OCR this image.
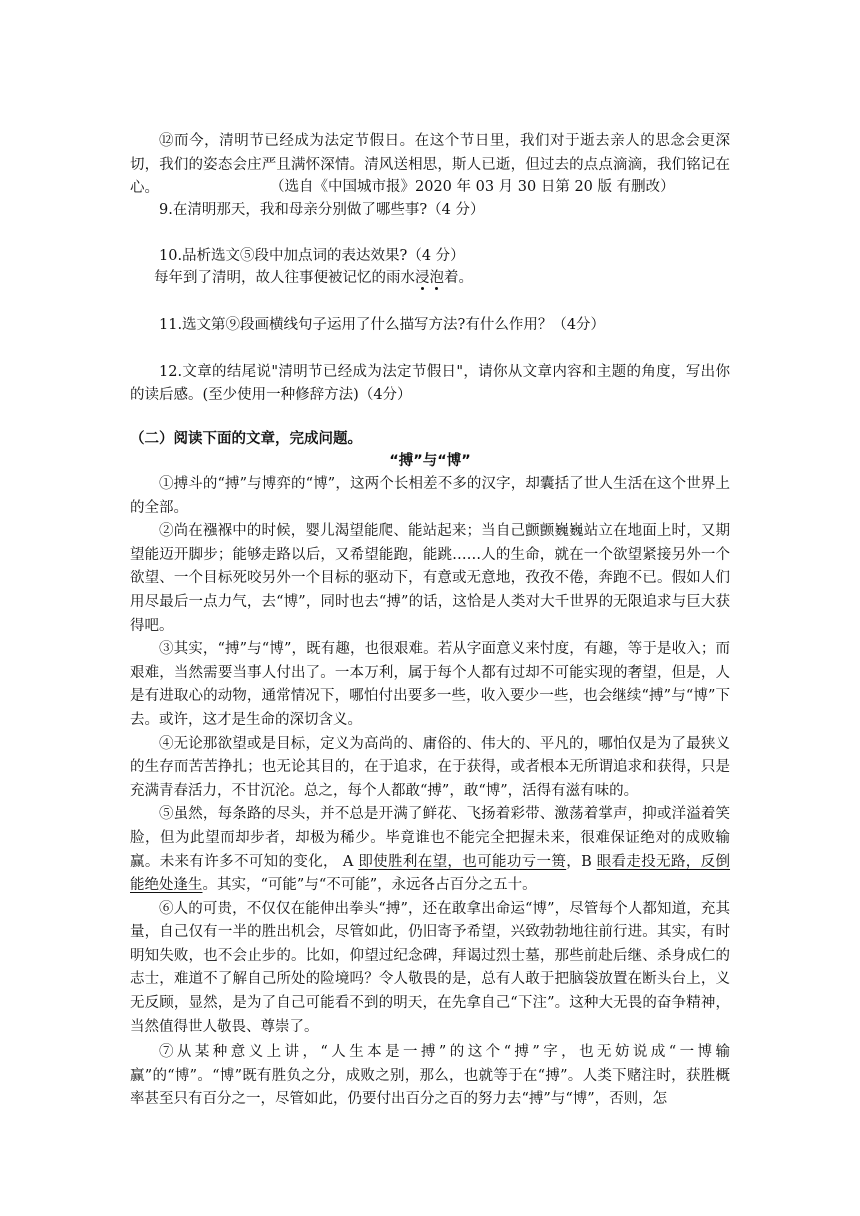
⑫而今，清明节已经成为法定节假日。在这个节日里，我们对于逝去亲人的思念会更深切，我们的姿态会庄严且满怀深情。清风送相思，斯人已逝，但过去的点点滴滴，我们铭记在心。	（选自《中国城市报》2020 年 03 月 30 日第 20 版 有删改）

9.在清明那天，我和母亲分别做了哪些事?（4 分）

10.品析选文⑤段中加点词的表达效果?（4 分）

每年到了清明，故人往事便被记忆的雨水浸泡着。

11.选文第⑨段画横线句子运用了什么描写方法?有什么作用？（4分）

12.文章的结尾说"清明节已经成为法定节假日"，请你从文章内容和主题的角度，写出你的读后感。(至少使用一种修辞方法)（4分）

（二）阅读下面的文章，完成问题。

“搏”与“博”

①搏斗的“搏”与博弈的“博”，这两个长相差不多的汉字，却囊括了世人生活在这个世界上的全部。

②尚在襁褓中的时候，婴儿渴望能爬、能站起来；当自己颤颤巍巍站立在地面上时，又期望能迈开脚步；能够走路以后，又希望能跑，能跳……人的生命，就在一个欲望紧接另外一个欲望、一个目标死咬另外一个目标的驱动下，有意或无意地，孜孜不倦，奔跑不已。假如人们用尽最后一点力气，去“博”，同时也去“搏”的话，这恰是人类对大千世界的无限追求与巨大获得吧。

③其实，“搏”与“博”，既有趣，也很艰难。若从字面意义来忖度，有趣，等于是收入；而艰难，当然需要当事人付出了。一本万利，属于每个人都有过却不可能实现的奢望，但是，人是有进取心的动物，通常情况下，哪怕付出要多一些，收入要少一些，也会继续“搏”与“博”下去。或许，这才是生命的深切含义。

④无论那欲望或是目标，定义为高尚的、庸俗的、伟大的、平凡的，哪怕仅是为了最狭义的生存而苦苦挣扎；也无论其目的，在于追求，在于获得，或者根本无所谓追求和获得，只是充满青春活力，不甘沉沦。总之，每个人都敢“搏”，敢“博”，活得有滋有味的。

⑤虽然，每条路的尽头，并不总是开满了鲜花、飞扬着彩带、激荡着掌声，抑或洋溢着笑脸，但为此望而却步者，却极为稀少。毕竟谁也不能完全把握未来，很难保证绝对的成败输赢。未来有许多不可知的变化， A 即使胜利在望，也可能功亏一篑，B 眼看走投无路，反倒能绝处逢生。其实，“可能”与“不可能”，永远各占百分之五十。

⑥人的可贵，不仅仅在能伸出拳头“搏”，还在敢拿出命运“博”，尽管每个人都知道，充其量，自己仅有一半的胜出机会，尽管如此，仍旧寄予希望，兴致勃勃地往前行进。其实，有时明知失败，也不会止步的。比如，仰望过纪念碑，拜谒过烈士墓，那些前赴后继、杀身成仁的志士，难道不了解自己所处的险境吗？令人敬畏的是，总有人敢于把脑袋放置在断头台上，义无反顾，显然，是为了自己可能看不到的明天，在先拿自己“下注”。这种大无畏的奋争精神，当然值得世人敬畏、尊崇了。

⑦从某种意义上讲，“人生本是一搏”的这个“搏”字，也无妨说成“一博输赢”的“博”。“博”既有胜负之分，成败之别，那么，也就等于在“搏”。人类下赌注时，获胜概率甚至只有百分之一，尽管如此，仍要付出百分之百的努力去“搏”与“博”，否则，怎
